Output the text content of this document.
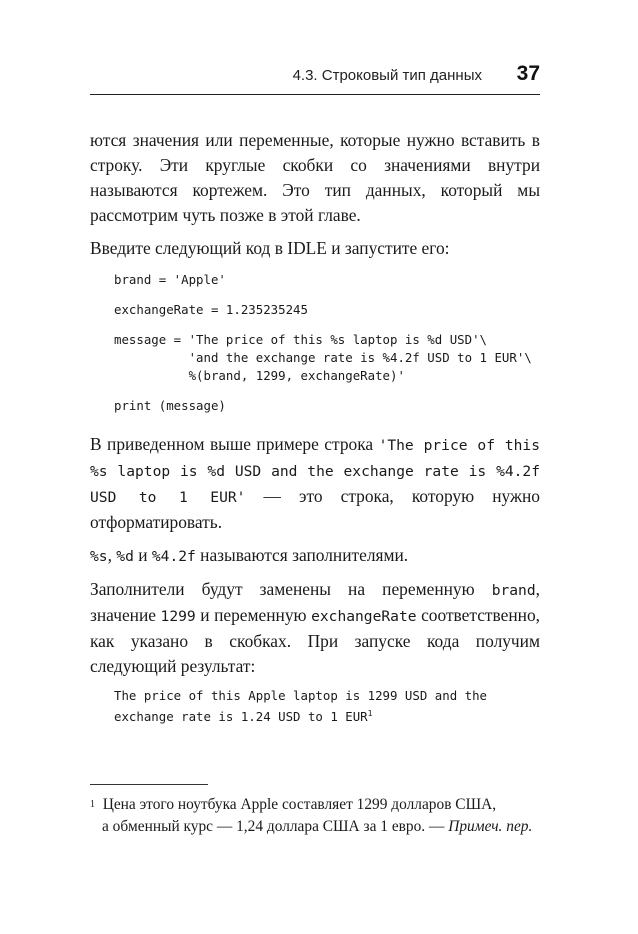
4.3. Строковый тип данных 37

ются значения или переменные, которые нужно вставить в строку. Эти круглые скобки со значениями внутри называются кортежем. Это тип данных, который мы рассмотрим чуть позже в этой главе.

Введите следующий код в IDLE и запустите его:

brand = 'Apple'
exchangeRate = 1.235235245
message = 'The price of this %s laptop is %d USD'\
'and the exchange rate is %4.2f USD to 1 EUR'\
%(brand, 1299, exchangeRate)'
print (message)

В приведенном выше примере строка 'The price of this %s laptop is %d USD and the exchange rate is %4.2f USD to 1 EUR' — это строка, которую нужно отформатировать.

%s, %d и %4.2f называются заполнителями.

Заполнители будут заменены на переменную brand, значение 1299 и переменную exchangeRate соответственно, как указано в скобках. При запуске кода получим следующий результат:

The price of this Apple laptop is 1299 USD and the
exchange rate is 1.24 USD to 1 EUR$^1$
$^1$ Цена этого ноутбука Apple составляет 1299 долларов США,
а обменный курс — 1,24 доллара США за 1 евро. — Примеч. пер.
